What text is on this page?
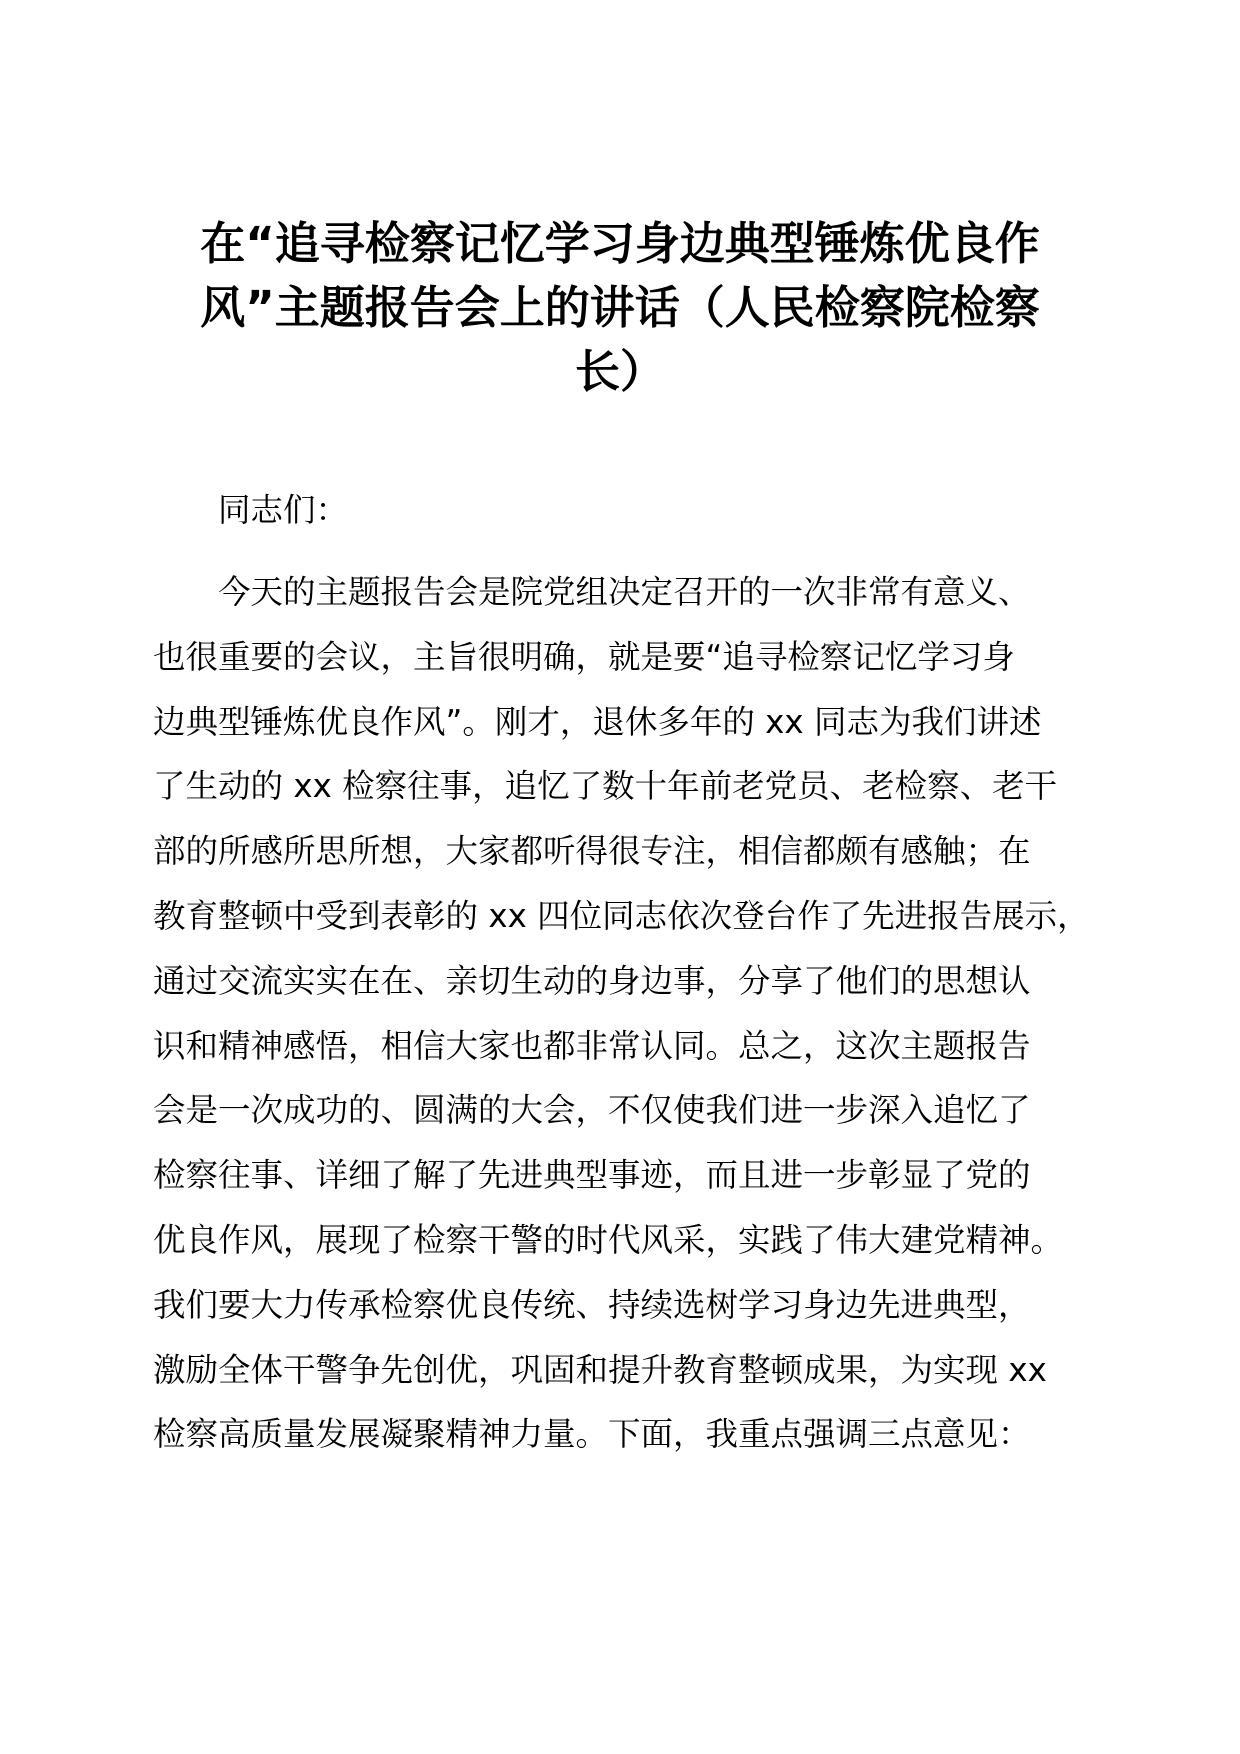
在“追寻检察记忆学习身边典型锤炼优良作
风”主题报告会上的讲话（人民检察院检察
长）

同志们：

今天的主题报告会是院党组决定召开的一次非常有意义、
也很重要的会议，主旨很明确，就是要“追寻检察记忆学习身
边典型锤炼优良作风”。刚才，退休多年的 xx 同志为我们讲述
了生动的 xx 检察往事，追忆了数十年前老党员、老检察、老干
部的所感所思所想，大家都听得很专注，相信都颇有感触；在
教育整顿中受到表彰的 xx 四位同志依次登台作了先进报告展示，
通过交流实实在在、亲切生动的身边事，分享了他们的思想认
识和精神感悟，相信大家也都非常认同。总之，这次主题报告
会是一次成功的、圆满的大会，不仅使我们进一步深入追忆了
检察往事、详细了解了先进典型事迹，而且进一步彰显了党的
优良作风，展现了检察干警的时代风采，实践了伟大建党精神。
我们要大力传承检察优良传统、持续选树学习身边先进典型，
激励全体干警争先创优，巩固和提升教育整顿成果，为实现 xx
检察高质量发展凝聚精神力量。下面，我重点强调三点意见：
